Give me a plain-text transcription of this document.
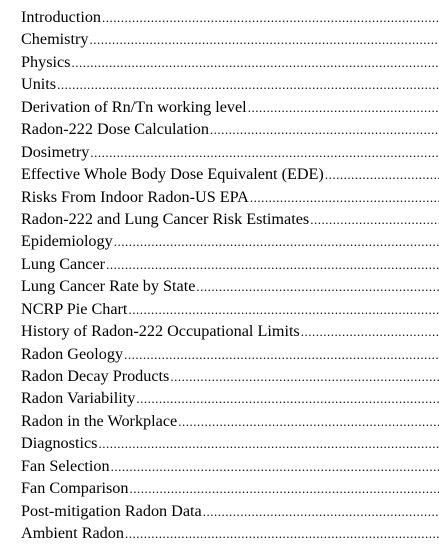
Introduction
.....
Chemistry
.....
Physics
.....
Units
.....
Derivation of Rn/Tn working level
.....
Radon-222 Dose Calculation
.....
Dosimetry
.....
Effective Whole Body Dose Equivalent (EDE)
.....
Risks From Indoor Radon-US EPA
.....
Radon-222 and Lung Cancer Risk Estimates
.....
Epidemiology
.....
Lung Cancer
.....
Lung Cancer Rate by State
.....
NCRP Pie Chart
.....
History of Radon-222 Occupational Limits
.....
Radon Geology
.....
Radon Decay Products
.....
Radon Variability
.....
Radon in the Workplace
.....
Diagnostics
.....
Fan Selection
.....
Fan Comparison
.....
Post-mitigation Radon Data
.....
Ambient Radon
.....
